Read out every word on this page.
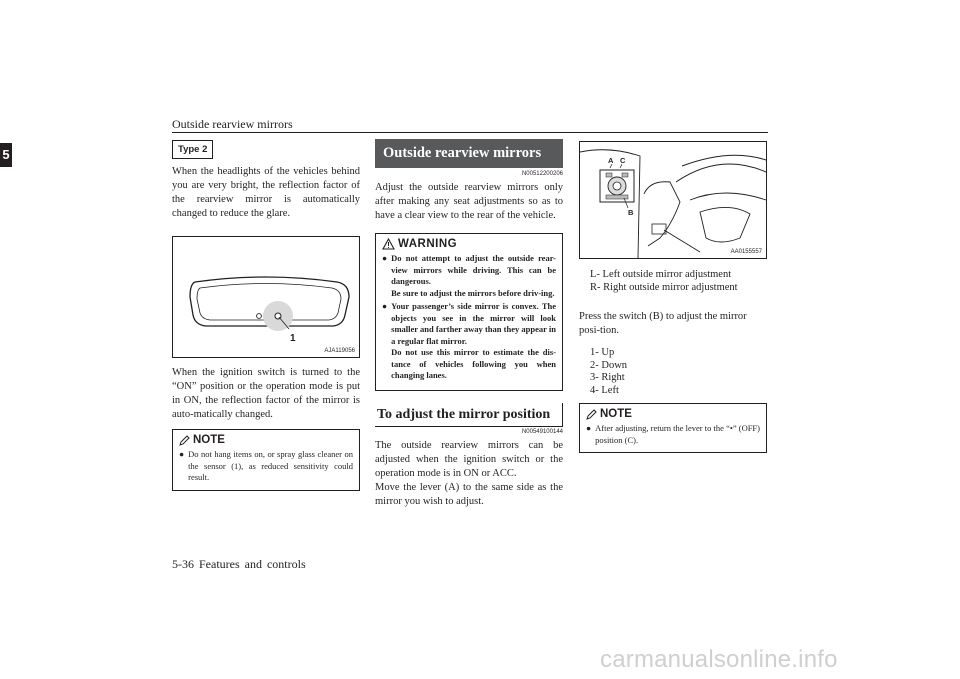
Outside rearview mirrors
5	Type 2

When the headlights of the vehicles behind you are very bright, the reflection factor of the rearview mirror is automatically changed to reduce the glare.

1
AJA119056

When the ignition switch is turned to the “ON” position or the operation mode is put in ON, the reflection factor of the mirror is auto-matically changed.

NOTE
● Do not hang items on, or spray glass cleaner on the sensor (1), as reduced sensitivity could result.
Outside rearview mirrors
N00512200206

Adjust the outside rearview mirrors only after making any seat adjustments so as to have a clear view to the rear of the vehicle.

WARNING
● Do not attempt to adjust the outside rear-view mirrors while driving. This can be dangerous.
Be sure to adjust the mirrors before driv-ing.
● Your passenger’s side mirror is convex. The objects you see in the mirror will look smaller and farther away than they appear in a regular flat mirror.
Do not use this mirror to estimate the dis-tance of vehicles following you when changing lanes.
To adjust the mirror position
N00549100144

The outside rearview mirrors can be adjusted when the ignition switch or the operation mode is in ON or ACC.
Move the lever (A) to the same side as the mirror you wish to adjust.

A C
B
AA0155557
L- Left outside mirror adjustment
R- Right outside mirror adjustment

Press the switch (B) to adjust the mirror posi-tion.

1- Up
2- Down
3- Right
4- Left
NOTE
● After adjusting, return the lever to the “•” (OFF) position (C).
5-36 Features and controls
carmanualsonline.info
